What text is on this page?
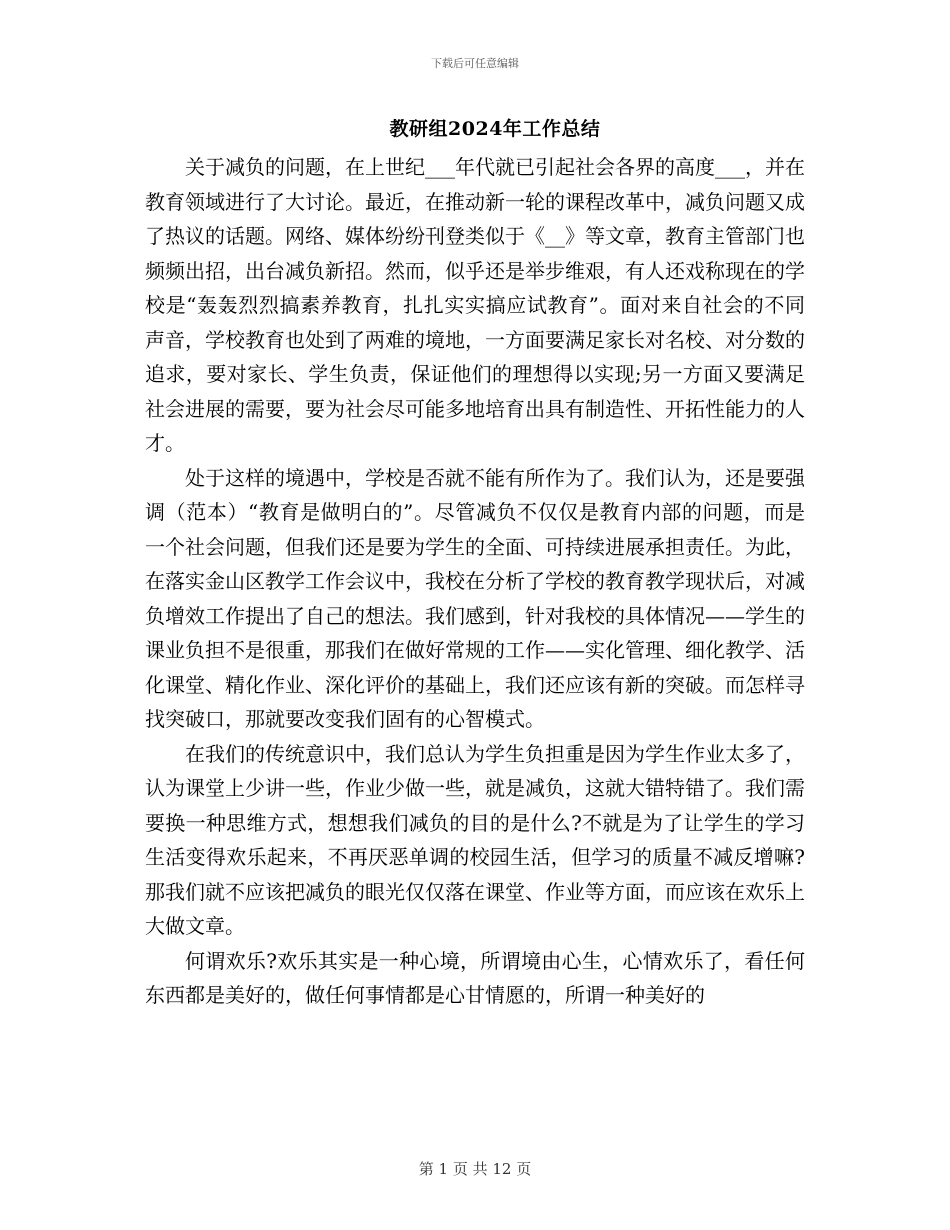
下载后可任意编辑
教研组2024年工作总结

关于减负的问题，在上世纪___年代就已引起社会各界的高度___，并在教育领域进行了大讨论。最近，在推动新一轮的课程改革中，减负问题又成了热议的话题。网络、媒体纷纷刊登类似于《__》等文章，教育主管部门也频频出招，出台减负新招。然而，似乎还是举步维艰，有人还戏称现在的学校是“轰轰烈烈搞素养教育，扎扎实实搞应试教育”。面对来自社会的不同声音，学校教育也处到了两难的境地，一方面要满足家长对名校、对分数的追求，要对家长、学生负责，保证他们的理想得以实现;另一方面又要满足社会进展的需要，要为社会尽可能多地培育出具有制造性、开拓性能力的人才。

处于这样的境遇中，学校是否就不能有所作为了。我们认为，还是要强调（范本）“教育是做明白的”。尽管减负不仅仅是教育内部的问题，而是一个社会问题，但我们还是要为学生的全面、可持续进展承担责任。为此，在落实金山区教学工作会议中，我校在分析了学校的教育教学现状后，对减负增效工作提出了自己的想法。我们感到，针对我校的具体情况——学生的课业负担不是很重，那我们在做好常规的工作——实化管理、细化教学、活化课堂、精化作业、深化评价的基础上，我们还应该有新的突破。而怎样寻找突破口，那就要改变我们固有的心智模式。

在我们的传统意识中，我们总认为学生负担重是因为学生作业太多了，认为课堂上少讲一些，作业少做一些，就是减负，这就大错特错了。我们需要换一种思维方式，想想我们减负的目的是什么?不就是为了让学生的学习生活变得欢乐起来，不再厌恶单调的校园生活，但学习的质量不减反增嘛?那我们就不应该把减负的眼光仅仅落在课堂、作业等方面，而应该在欢乐上大做文章。

何谓欢乐?欢乐其实是一种心境，所谓境由心生，心情欢乐了，看任何东西都是美好的，做任何事情都是心甘情愿的，所谓一种美好的

第 1 页 共 12 页
